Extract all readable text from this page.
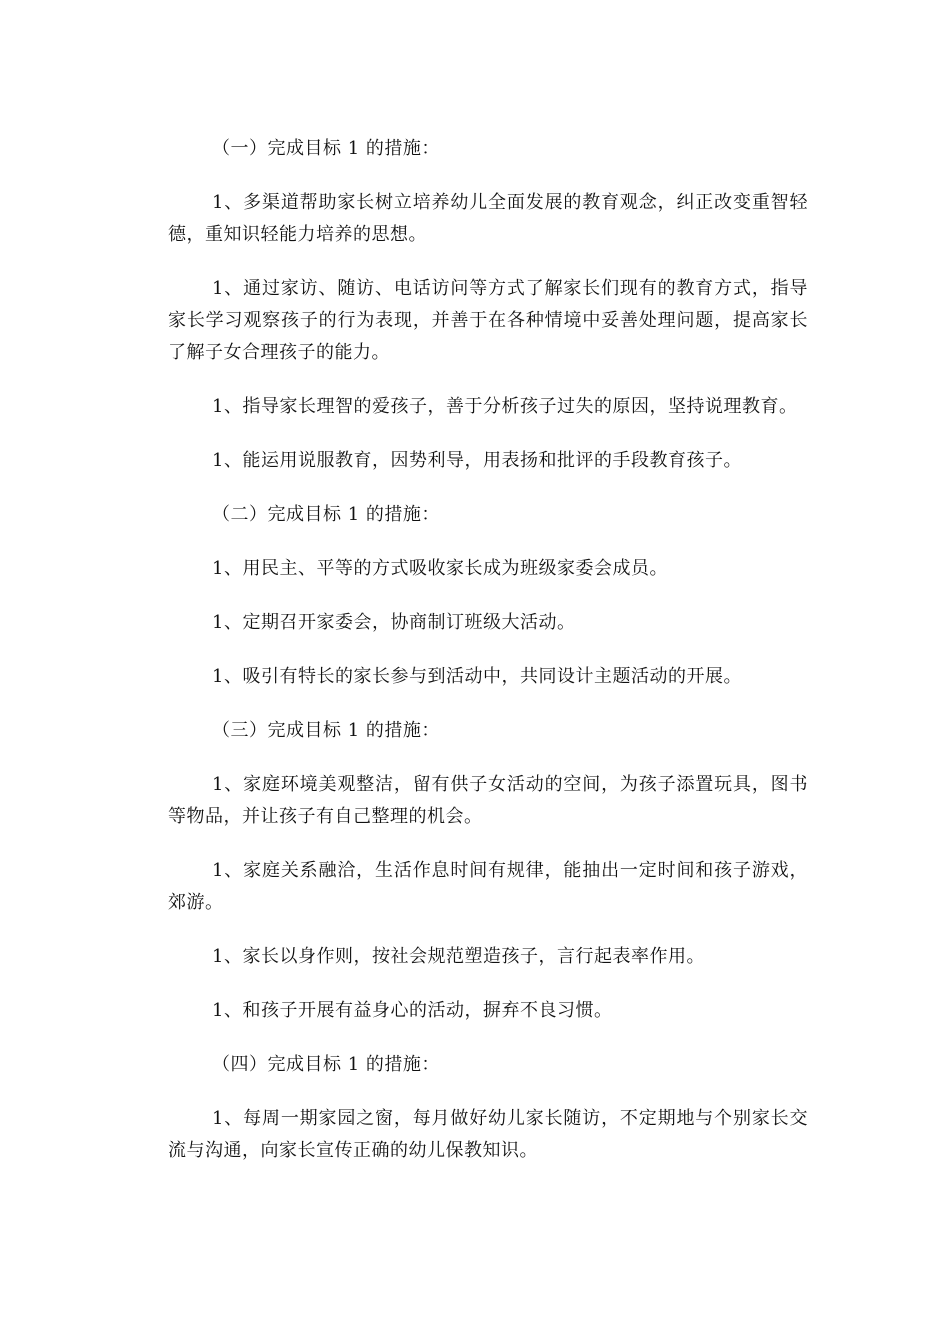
（一）完成目标 1 的措施：

1、多渠道帮助家长树立培养幼儿全面发展的教育观念，纠正改变重智轻德，重知识轻能力培养的思想。

1、通过家访、随访、电话访问等方式了解家长们现有的教育方式，指导家长学习观察孩子的行为表现，并善于在各种情境中妥善处理问题，提高家长了解子女合理孩子的能力。

1、指导家长理智的爱孩子，善于分析孩子过失的原因，坚持说理教育。

1、能运用说服教育，因势利导，用表扬和批评的手段教育孩子。

（二）完成目标 1 的措施：

1、用民主、平等的方式吸收家长成为班级家委会成员。

1、定期召开家委会，协商制订班级大活动。

1、吸引有特长的家长参与到活动中，共同设计主题活动的开展。

（三）完成目标 1 的措施：

1、家庭环境美观整洁，留有供子女活动的空间，为孩子添置玩具，图书等物品，并让孩子有自己整理的机会。

1、家庭关系融洽，生活作息时间有规律，能抽出一定时间和孩子游戏，郊游。

1、家长以身作则，按社会规范塑造孩子，言行起表率作用。

1、和孩子开展有益身心的活动，摒弃不良习惯。

（四）完成目标 1 的措施：

1、每周一期家园之窗，每月做好幼儿家长随访，不定期地与个别家长交流与沟通，向家长宣传正确的幼儿保教知识。
